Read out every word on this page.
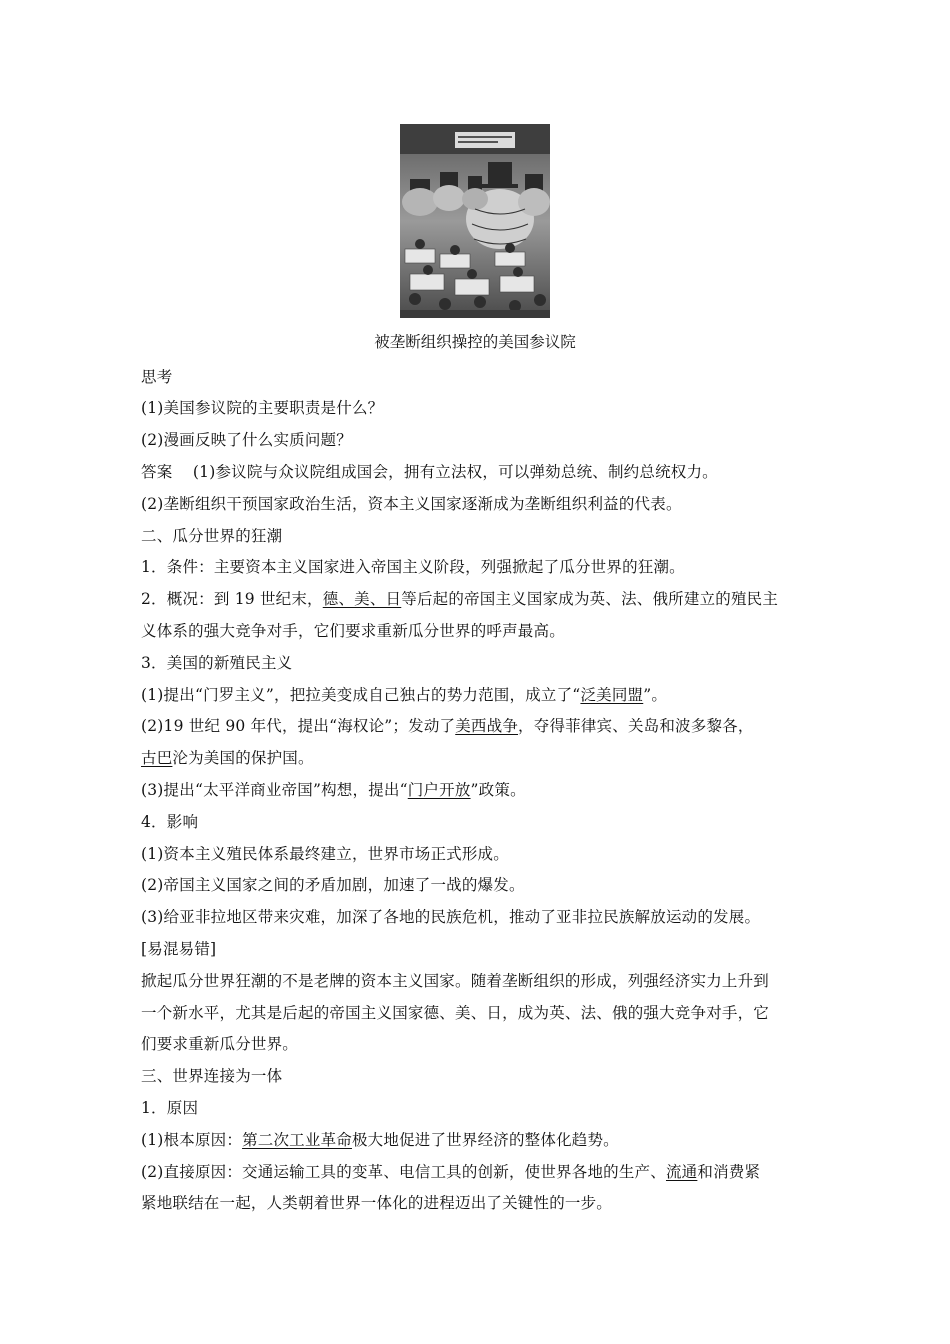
被垄断组织操控的美国参议院
思考
(1)美国参议院的主要职责是什么？
(2)漫画反映了什么实质问题？
答案 (1)参议院与众议院组成国会，拥有立法权，可以弹劾总统、制约总统权力。
(2)垄断组织干预国家政治生活，资本主义国家逐渐成为垄断组织利益的代表。
二、瓜分世界的狂潮
1．条件：主要资本主义国家进入帝国主义阶段，列强掀起了瓜分世界的狂潮。
2．概况：到 19 世纪末，德、美、日等后起的帝国主义国家成为英、法、俄所建立的殖民主
义体系的强大竞争对手，它们要求重新瓜分世界的呼声最高。
3．美国的新殖民主义
(1)提出“门罗主义”，把拉美变成自己独占的势力范围，成立了“泛美同盟”。
(2)19 世纪 90 年代，提出“海权论”；发动了美西战争，夺得菲律宾、关岛和波多黎各，
古巴沦为美国的保护国。
(3)提出“太平洋商业帝国”构想，提出“门户开放”政策。
4．影响
(1)资本主义殖民体系最终建立，世界市场正式形成。
(2)帝国主义国家之间的矛盾加剧，加速了一战的爆发。
(3)给亚非拉地区带来灾难，加深了各地的民族危机，推动了亚非拉民族解放运动的发展。
[易混易错]
掀起瓜分世界狂潮的不是老牌的资本主义国家。随着垄断组织的形成，列强经济实力上升到
一个新水平，尤其是后起的帝国主义国家德、美、日，成为英、法、俄的强大竞争对手，它
们要求重新瓜分世界。
三、世界连接为一体
1．原因
(1)根本原因：第二次工业革命极大地促进了世界经济的整体化趋势。
(2)直接原因：交通运输工具的变革、电信工具的创新，使世界各地的生产、流通和消费紧
紧地联结在一起，人类朝着世界一体化的进程迈出了关键性的一步。
